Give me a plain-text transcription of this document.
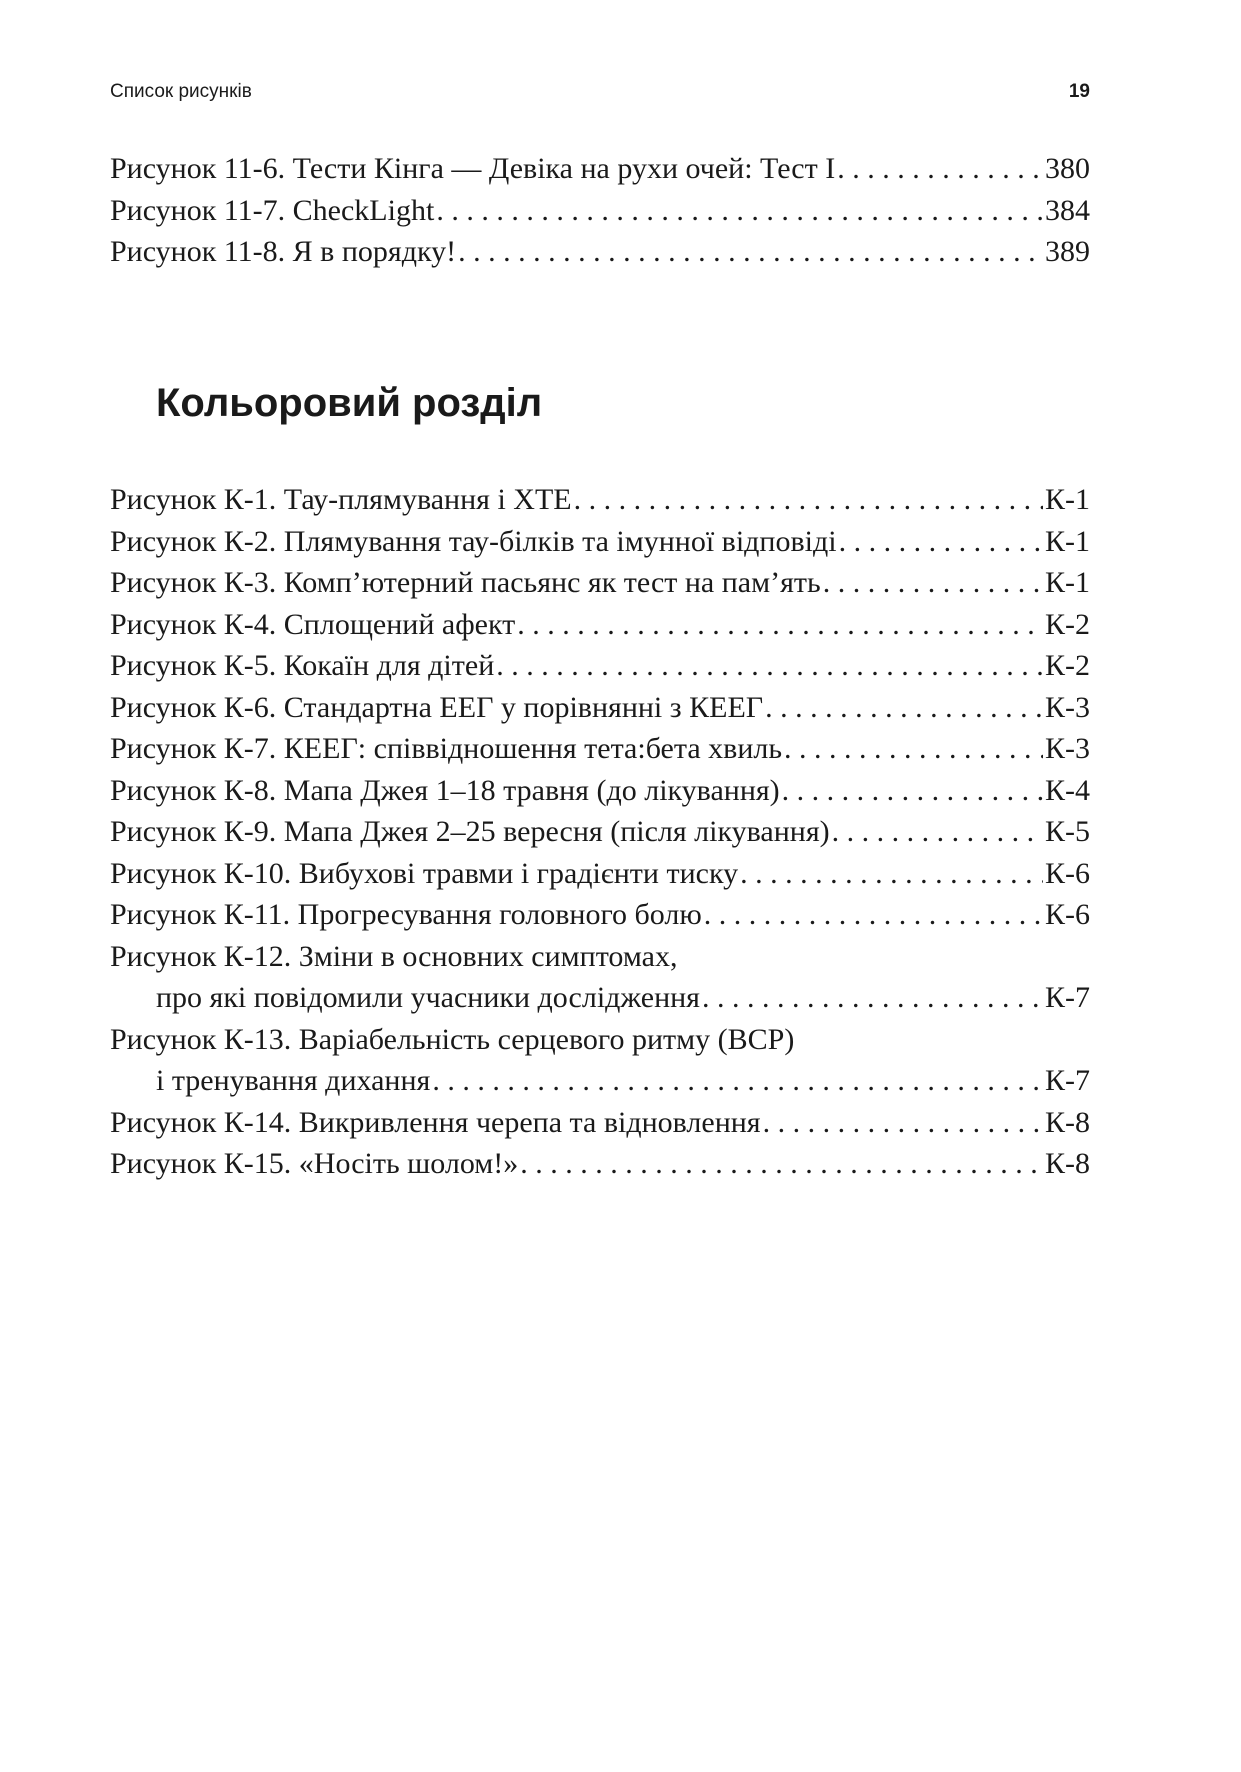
Список рисунків	19
Рисунок 11-6. Тести Кінга — Девіка на рухи очей: Тест І . . .	380
Рисунок 11-7. CheckLight . . .	384
Рисунок 11-8. Я в порядку! . . .	389
Кольоровий розділ
Рисунок К-1. Тау-плямування і ХТЕ . . .	К-1
Рисунок К-2. Плямування тау-білків та імунної відповіді . . .	К-1
Рисунок К-3. Комп’ютерний пасьянс як тест на пам’ять . . .	К-1
Рисунок К-4. Сплощений афект . . .	К-2
Рисунок К-5. Кокаїн для дітей . . .	К-2
Рисунок К-6. Стандартна ЕЕГ у порівнянні з КЕЕГ . . .	К-3
Рисунок К-7. КЕЕГ: співвідношення тета:бета хвиль . . .	К-3
Рисунок К-8. Мапа Джея 1–18 травня (до лікування) . . .	К-4
Рисунок К-9. Мапа Джея 2–25 вересня (після лікування) . . .	К-5
Рисунок К-10. Вибухові травми і градієнти тиску . . .	К-6
Рисунок К-11. Прогресування головного болю . . .	К-6
Рисунок К-12. Зміни в основних симптомах,
про які повідомили учасники дослідження . . .	К-7
Рисунок К-13. Варіабельність серцевого ритму (ВСР)
і тренування дихання . . .	К-7
Рисунок К-14. Викривлення черепа та відновлення . . .	К-8
Рисунок К-15. «Носіть шолом!» . . .	К-8
